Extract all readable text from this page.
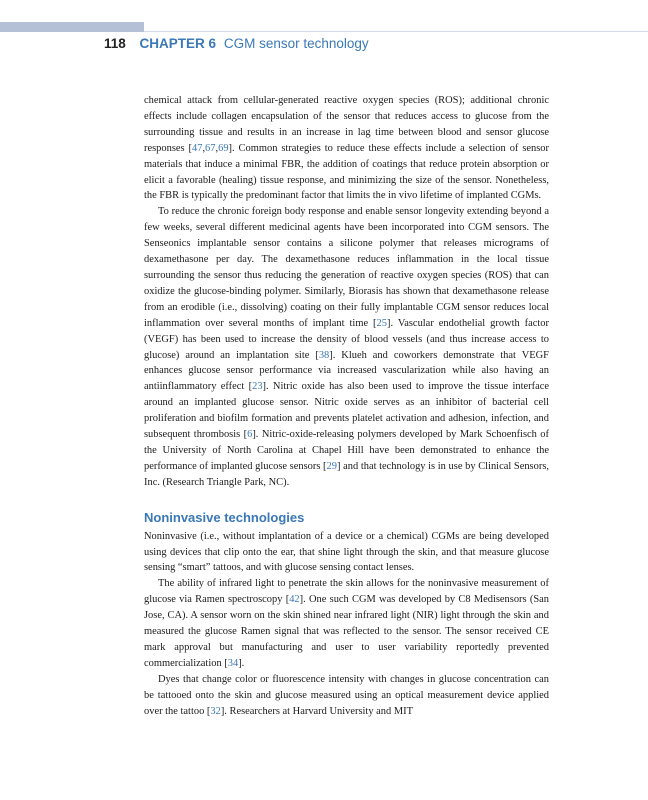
118 CHAPTER 6 CGM sensor technology

chemical attack from cellular-generated reactive oxygen species (ROS); additional chronic effects include collagen encapsulation of the sensor that reduces access to glucose from the surrounding tissue and results in an increase in lag time between blood and sensor glucose responses [47,67,69]. Common strategies to reduce these effects include a selection of sensor materials that induce a minimal FBR, the addition of coatings that reduce protein absorption or elicit a favorable (healing) tissue response, and minimizing the size of the sensor. Nonetheless, the FBR is typically the predominant factor that limits the in vivo lifetime of implanted CGMs.

To reduce the chronic foreign body response and enable sensor longevity extending beyond a few weeks, several different medicinal agents have been incorporated into CGM sensors. The Senseonics implantable sensor contains a silicone polymer that releases micrograms of dexamethasone per day. The dexamethasone reduces inflammation in the local tissue surrounding the sensor thus reducing the generation of reactive oxygen species (ROS) that can oxidize the glucose-binding polymer. Similarly, Biorasis has shown that dexamethasone release from an erodible (i.e., dissolving) coating on their fully implantable CGM sensor reduces local inflammation over several months of implant time [25]. Vascular endothelial growth factor (VEGF) has been used to increase the density of blood vessels (and thus increase access to glucose) around an implantation site [38]. Klueh and coworkers demonstrate that VEGF enhances glucose sensor performance via increased vascularization while also having an antiinflammatory effect [23]. Nitric oxide has also been used to improve the tissue interface around an implanted glucose sensor. Nitric oxide serves as an inhibitor of bacterial cell proliferation and biofilm formation and prevents platelet activation and adhesion, infection, and subsequent thrombosis [6]. Nitric-oxide-releasing polymers developed by Mark Schoenfisch of the University of North Carolina at Chapel Hill have been demonstrated to enhance the performance of implanted glucose sensors [29] and that technology is in use by Clinical Sensors, Inc. (Research Triangle Park, NC).

Noninvasive technologies

Noninvasive (i.e., without implantation of a device or a chemical) CGMs are being developed using devices that clip onto the ear, that shine light through the skin, and that measure glucose sensing “smart” tattoos, and with glucose sensing contact lenses.

The ability of infrared light to penetrate the skin allows for the noninvasive measurement of glucose via Ramen spectroscopy [42]. One such CGM was developed by C8 Medisensors (San Jose, CA). A sensor worn on the skin shined near infrared light (NIR) light through the skin and measured the glucose Ramen signal that was reflected to the sensor. The sensor received CE mark approval but manufacturing and user to user variability reportedly prevented commercialization [34].

Dyes that change color or fluorescence intensity with changes in glucose concentration can be tattooed onto the skin and glucose measured using an optical measurement device applied over the tattoo [32]. Researchers at Harvard University and MIT
